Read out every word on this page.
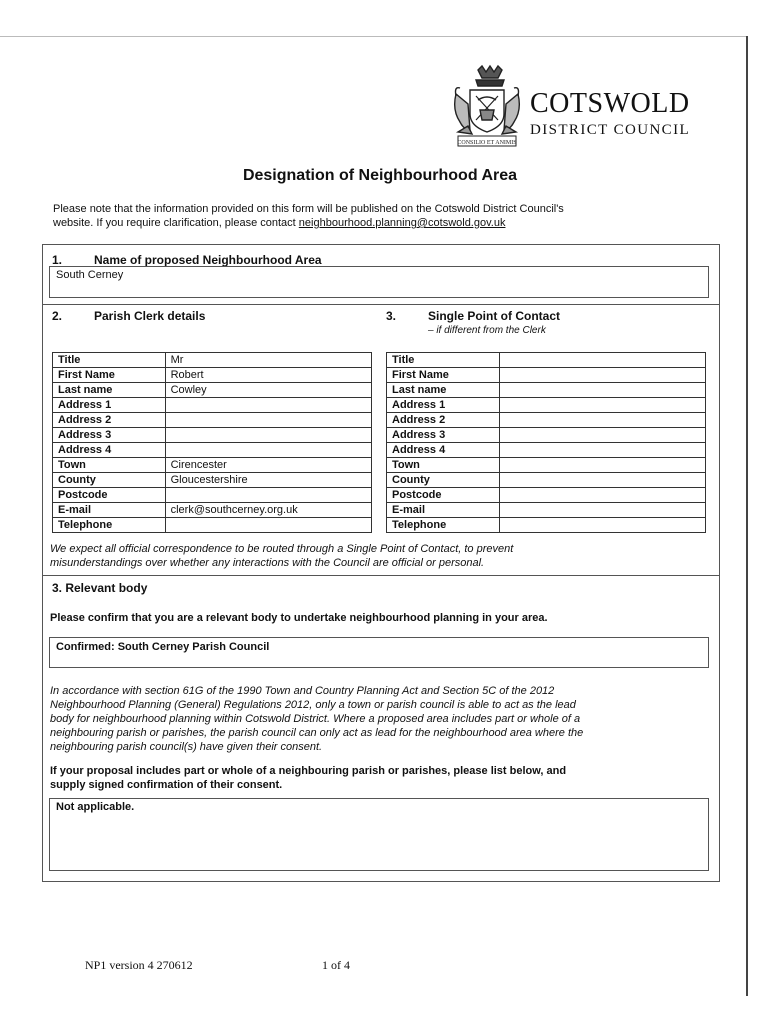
CONSILIO ET ANIMIS
COTSWOLD
DISTRICT COUNCIL
Designation of Neighbourhood Area
Please note that the information provided on this form will be published on the Cotswold District Council's
website. If you require clarification, please contact neighbourhood.planning@cotswold.gov.uk
1.	Name of proposed Neighbourhood Area
South Cerney
2.	Parish Clerk details	3.	Single Point of Contact
– if different from the Clerk
Title	Mr
First Name	Robert
Last name	Cowley
Address 1	
Address 2	
Address 3	
Address 4	
Town	Cirencester
County	Gloucestershire
Postcode	
E-mail	clerk@southcerney.org.uk
Telephone	
Title	
First Name	
Last name	
Address 1	
Address 2	
Address 3	
Address 4	
Town	
County	
Postcode	
E-mail	
Telephone	
We expect all official correspondence to be routed through a Single Point of Contact, to prevent
misunderstandings over whether any interactions with the Council are official or personal.
3. Relevant body
Please confirm that you are a relevant body to undertake neighbourhood planning in your area.
Confirmed: South Cerney Parish Council
In accordance with section 61G of the 1990 Town and Country Planning Act and Section 5C of the 2012
Neighbourhood Planning (General) Regulations 2012, only a town or parish council is able to act as the lead
body for neighbourhood planning within Cotswold District. Where a proposed area includes part or whole of a
neighbouring parish or parishes, the parish council can only act as lead for the neighbourhood area where the
neighbouring parish council(s) have given their consent.
If your proposal includes part or whole of a neighbouring parish or parishes, please list below, and
supply signed confirmation of their consent.
Not applicable.
NP1 version 4 270612	1 of 4
